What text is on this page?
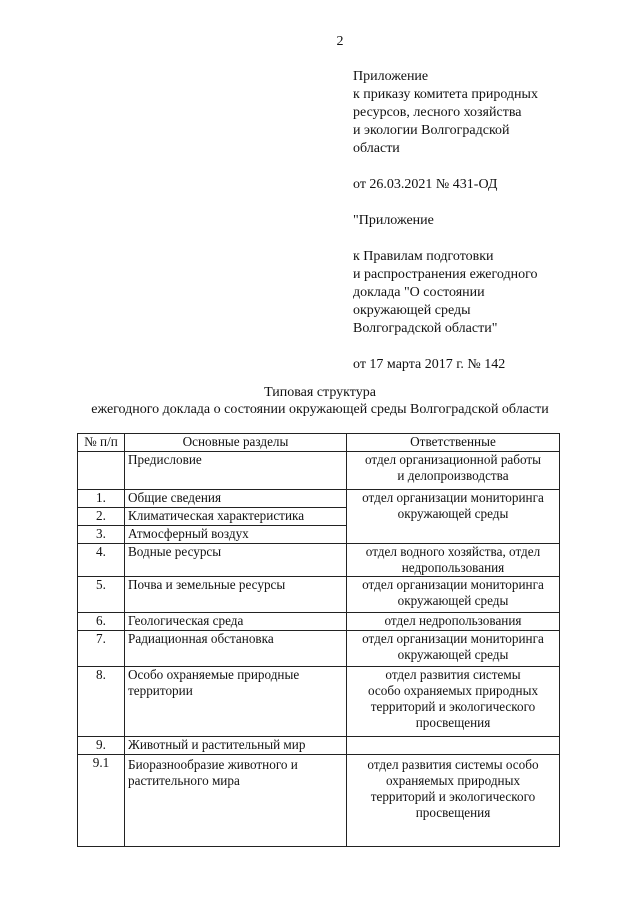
2
Приложение
к приказу комитета природных
ресурсов, лесного хозяйства
и экологии Волгоградской
области
от 26.03.2021 № 431-ОД
"Приложение
к Правилам подготовки
и распространения ежегодного
доклада "О состоянии
окружающей среды
Волгоградской области"
от 17 марта 2017 г. № 142
Типовая структура
ежегодного доклада о состоянии окружающей среды Волгоградской области
№ п/п	Основные разделы	Ответственные

	Предисловие	отдел организационной работы
и делопроизводства

1.	Общие сведения	отдел организации мониторинга
окружающей среды

2.	Климатическая характеристика	

3.	Атмосферный воздух	

4.	Водные ресурсы	отдел водного хозяйства, отдел
недропользования

5.	Почва и земельные ресурсы	отдел организации мониторинга
окружающей среды

6.	Геологическая среда	отдел недропользования

7.	Радиационная обстановка	отдел организации мониторинга
окружающей среды

8.	Особо охраняемые природные
территории	отдел развития системы
особо охраняемых природных
территорий и экологического
просвещения

9.	Животный и растительный мир	

9.1	Биоразнообразие животного и
растительного мира	отдел развития системы особо
охраняемых природных
территорий и экологического
просвещения
